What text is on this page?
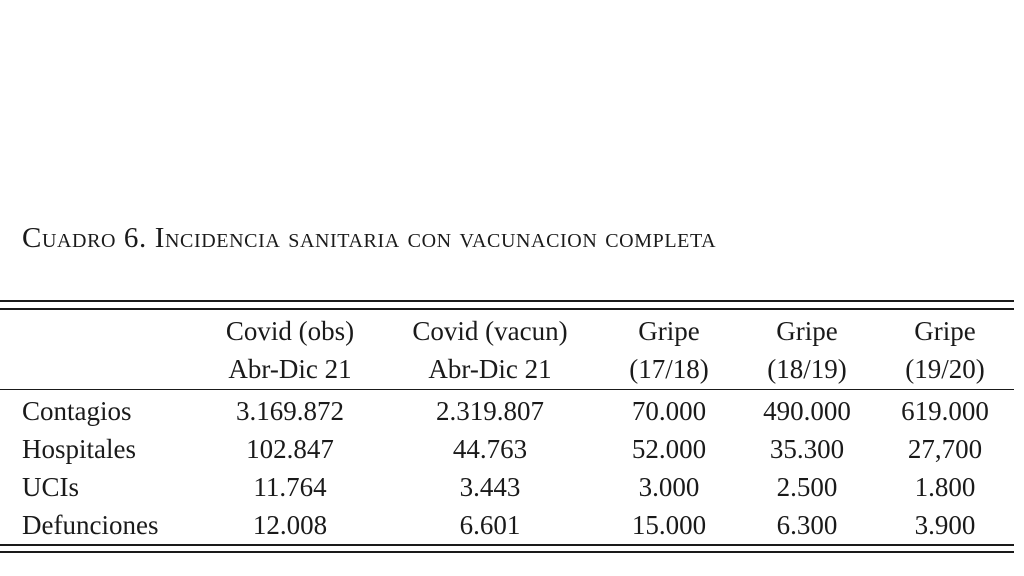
Cuadro 6. Incidencia sanitaria con vacunacion completa
	Covid (obs)	Covid (vacun)	Gripe	Gripe	Gripe
	Abr-Dic 21	Abr-Dic 21	(17/18)	(18/19)	(19/20)
Contagios	3.169.872	2.319.807	70.000	490.000	619.000
Hospitales	102.847	44.763	52.000	35.300	27,700
UCIs	11.764	3.443	3.000	2.500	1.800
Defunciones	12.008	6.601	15.000	6.300	3.900
